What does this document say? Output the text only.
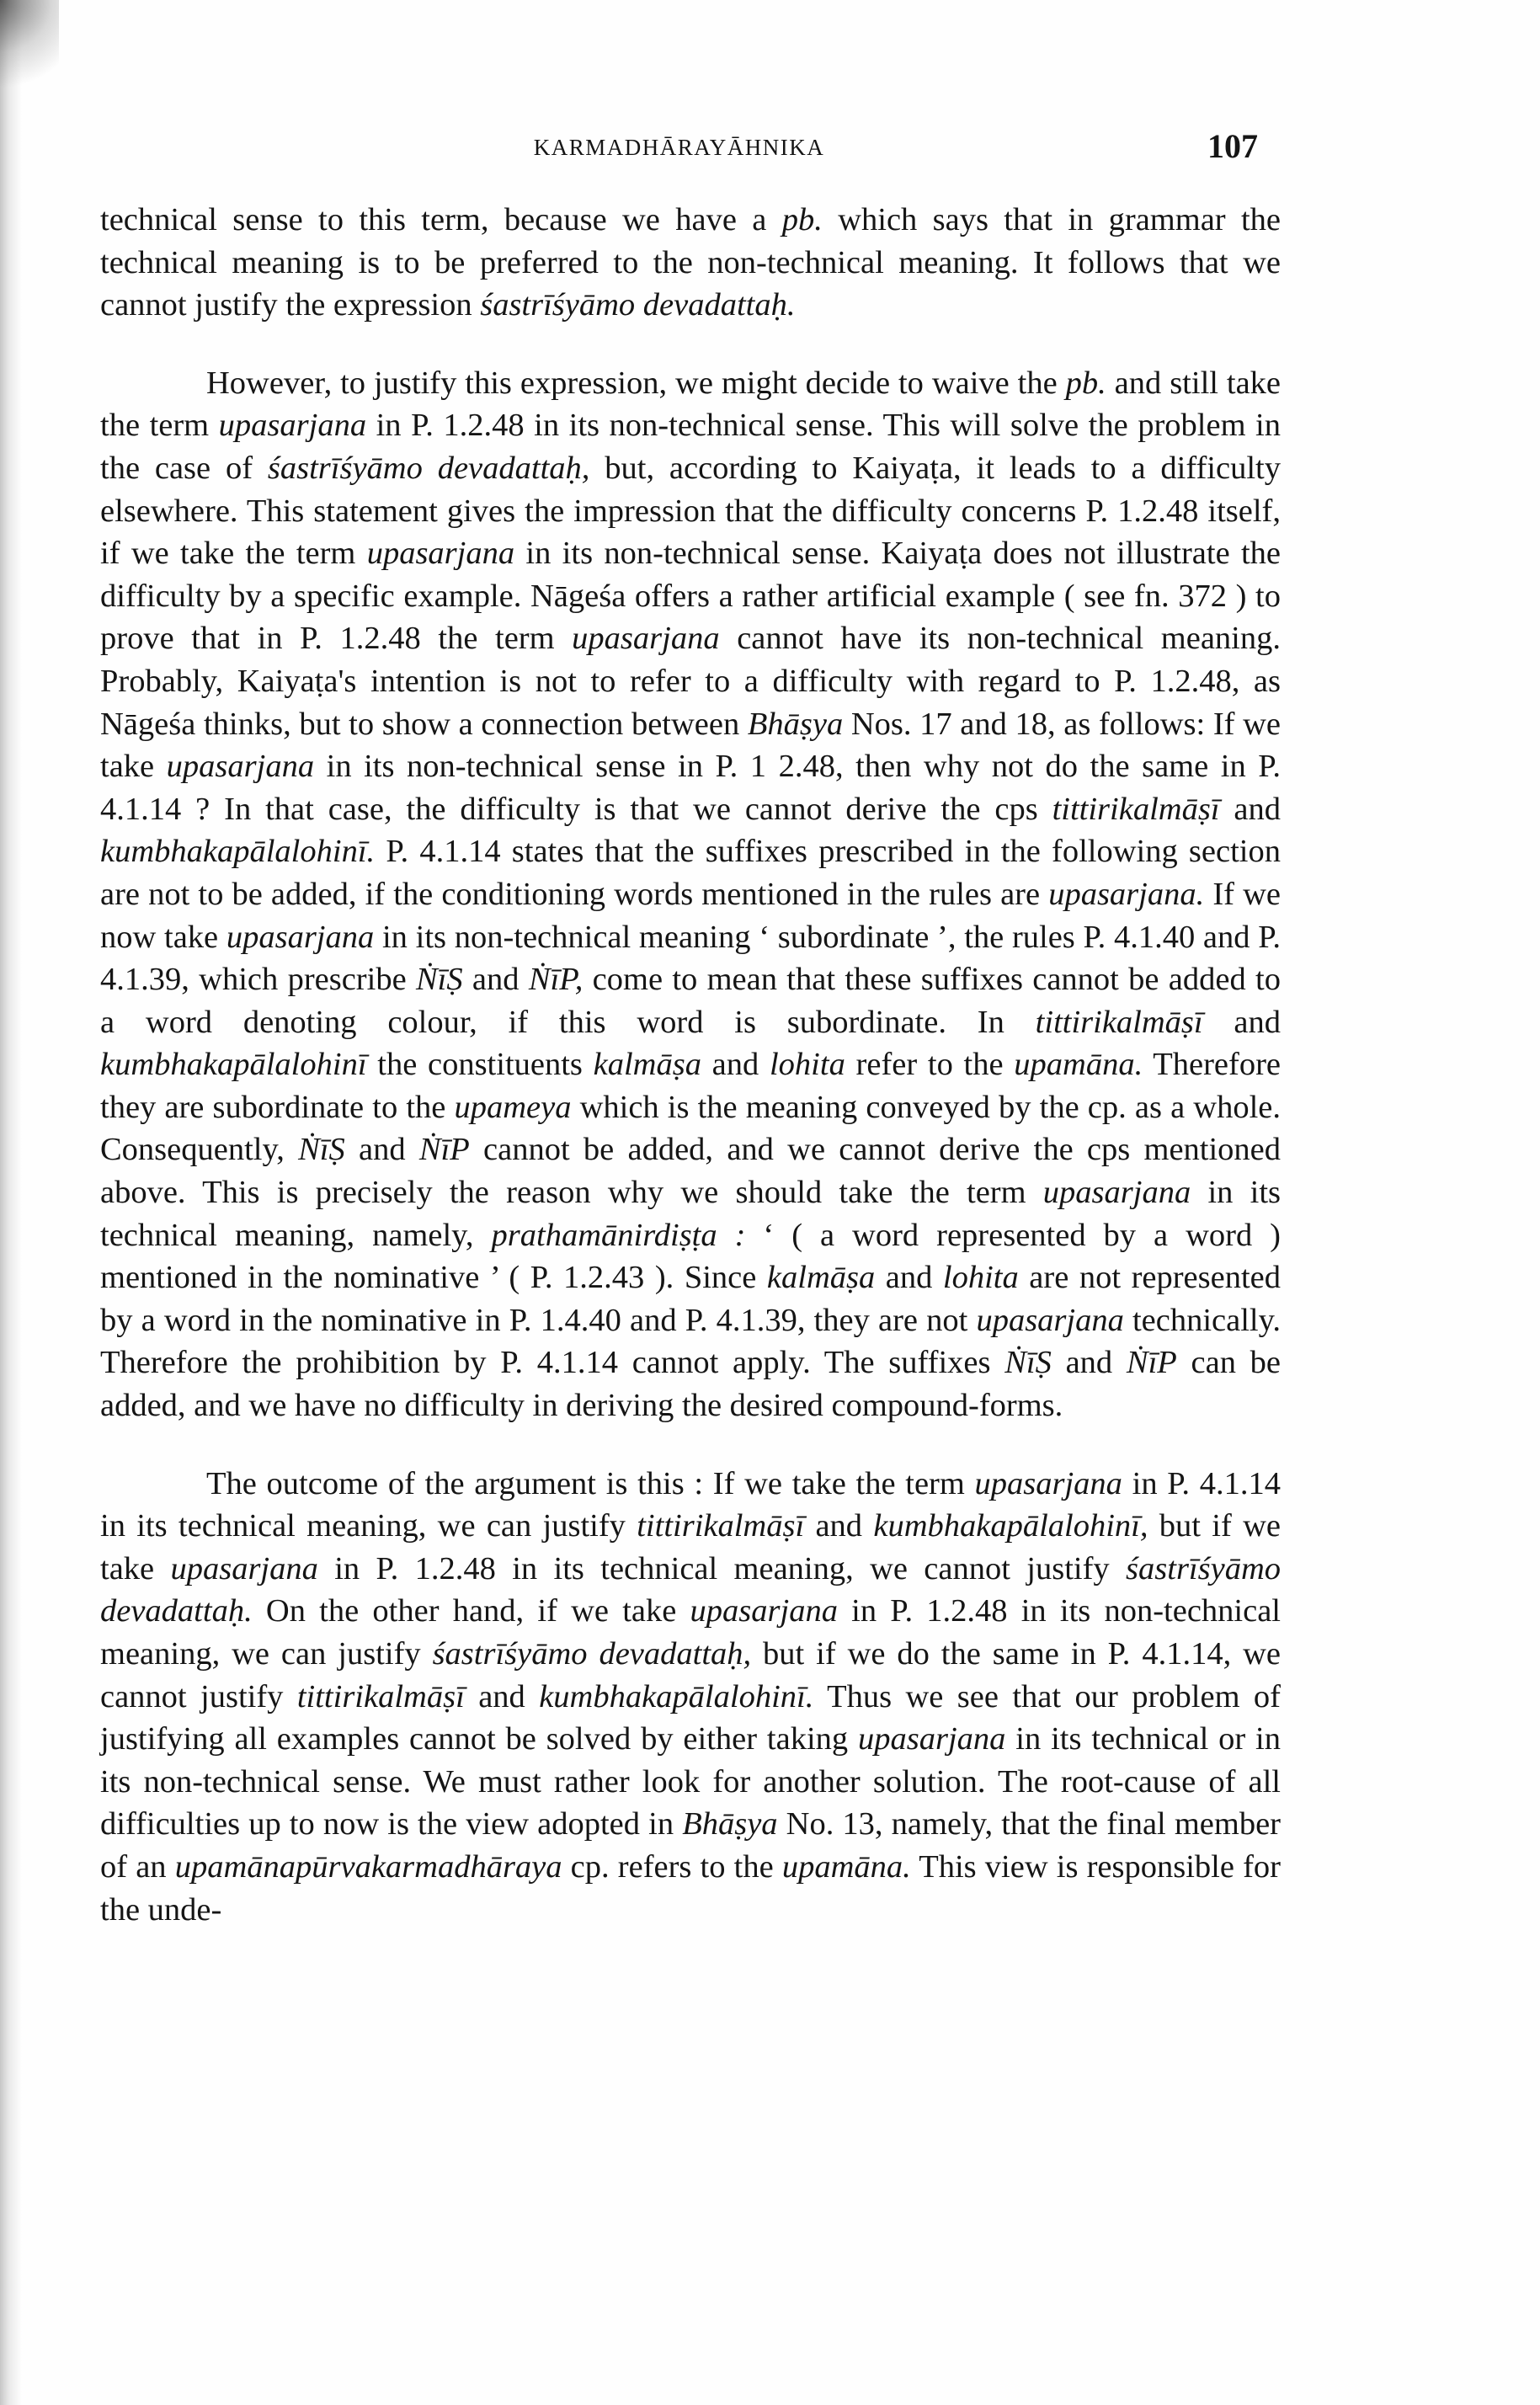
KARMADHĀRAYĀHNIKA	107

technical sense to this term, because we have a pb. which says that in grammar the technical meaning is to be preferred to the non-technical meaning. It follows that we cannot justify the expression śastrīśyāmo devadattaḥ.

However, to justify this expression, we might decide to waive the pb. and still take the term upasarjana in P. 1.2.48 in its non-technical sense. This will solve the problem in the case of śastrīśyāmo devadattaḥ, but, according to Kaiyaṭa, it leads to a difficulty elsewhere. This statement gives the impression that the difficulty concerns P. 1.2.48 itself, if we take the term upasarjana in its non-technical sense. Kaiyaṭa does not illustrate the difficulty by a specific example. Nāgeśa offers a rather artificial example ( see fn. 372 ) to prove that in P. 1.2.48 the term upasarjana cannot have its non-technical meaning. Probably, Kaiyaṭa's intention is not to refer to a difficulty with regard to P. 1.2.48, as Nāgeśa thinks, but to show a connection between Bhāṣya Nos. 17 and 18, as follows: If we take upasarjana in its non-technical sense in P. 1 2.48, then why not do the same in P. 4.1.14 ? In that case, the difficulty is that we cannot derive the cps tittirikalmāṣī and kumbhakapālalohinī. P. 4.1.14 states that the suffixes prescribed in the following section are not to be added, if the conditioning words mentioned in the rules are upasarjana. If we now take upasarjana in its non-technical meaning ‘ subordinate ’, the rules P. 4.1.40 and P. 4.1.39, which prescribe ṄīṢ and ṄīP, come to mean that these suffixes cannot be added to a word denoting colour, if this word is subordinate. In tittirikalmāṣī and kumbhakapālalohinī the constituents kalmāṣa and lohita refer to the upamāna. Therefore they are subordinate to the upameya which is the meaning conveyed by the cp. as a whole. Consequently, ṄīṢ and ṄīP cannot be added, and we cannot derive the cps mentioned above. This is precisely the reason why we should take the term upasarjana in its technical meaning, namely, prathamānirdiṣṭa : ‘ ( a word represented by a word ) mentioned in the nominative ’ ( P. 1.2.43 ). Since kalmāṣa and lohita are not represented by a word in the nominative in P. 1.4.40 and P. 4.1.39, they are not upasarjana technically. Therefore the prohibition by P. 4.1.14 cannot apply. The suffixes ṄīṢ and ṄīP can be added, and we have no difficulty in deriving the desired compound-forms.

The outcome of the argument is this : If we take the term upasarjana in P. 4.1.14 in its technical meaning, we can justify tittirikalmāṣī and kumbhakapālalohinī, but if we take upasarjana in P. 1.2.48 in its technical meaning, we cannot justify śastrīśyāmo devadattaḥ. On the other hand, if we take upasarjana in P. 1.2.48 in its non-technical meaning, we can justify śastrīśyāmo devadattaḥ, but if we do the same in P. 4.1.14, we cannot justify tittirikalmāṣī and kumbhakapālalohinī. Thus we see that our problem of justifying all examples cannot be solved by either taking upasarjana in its technical or in its non-technical sense. We must rather look for another solution. The root-cause of all difficulties up to now is the view adopted in Bhāṣya No. 13, namely, that the final member of an upamānapūrvakarmadhāraya cp. refers to the upamāna. This view is responsible for the unde-
